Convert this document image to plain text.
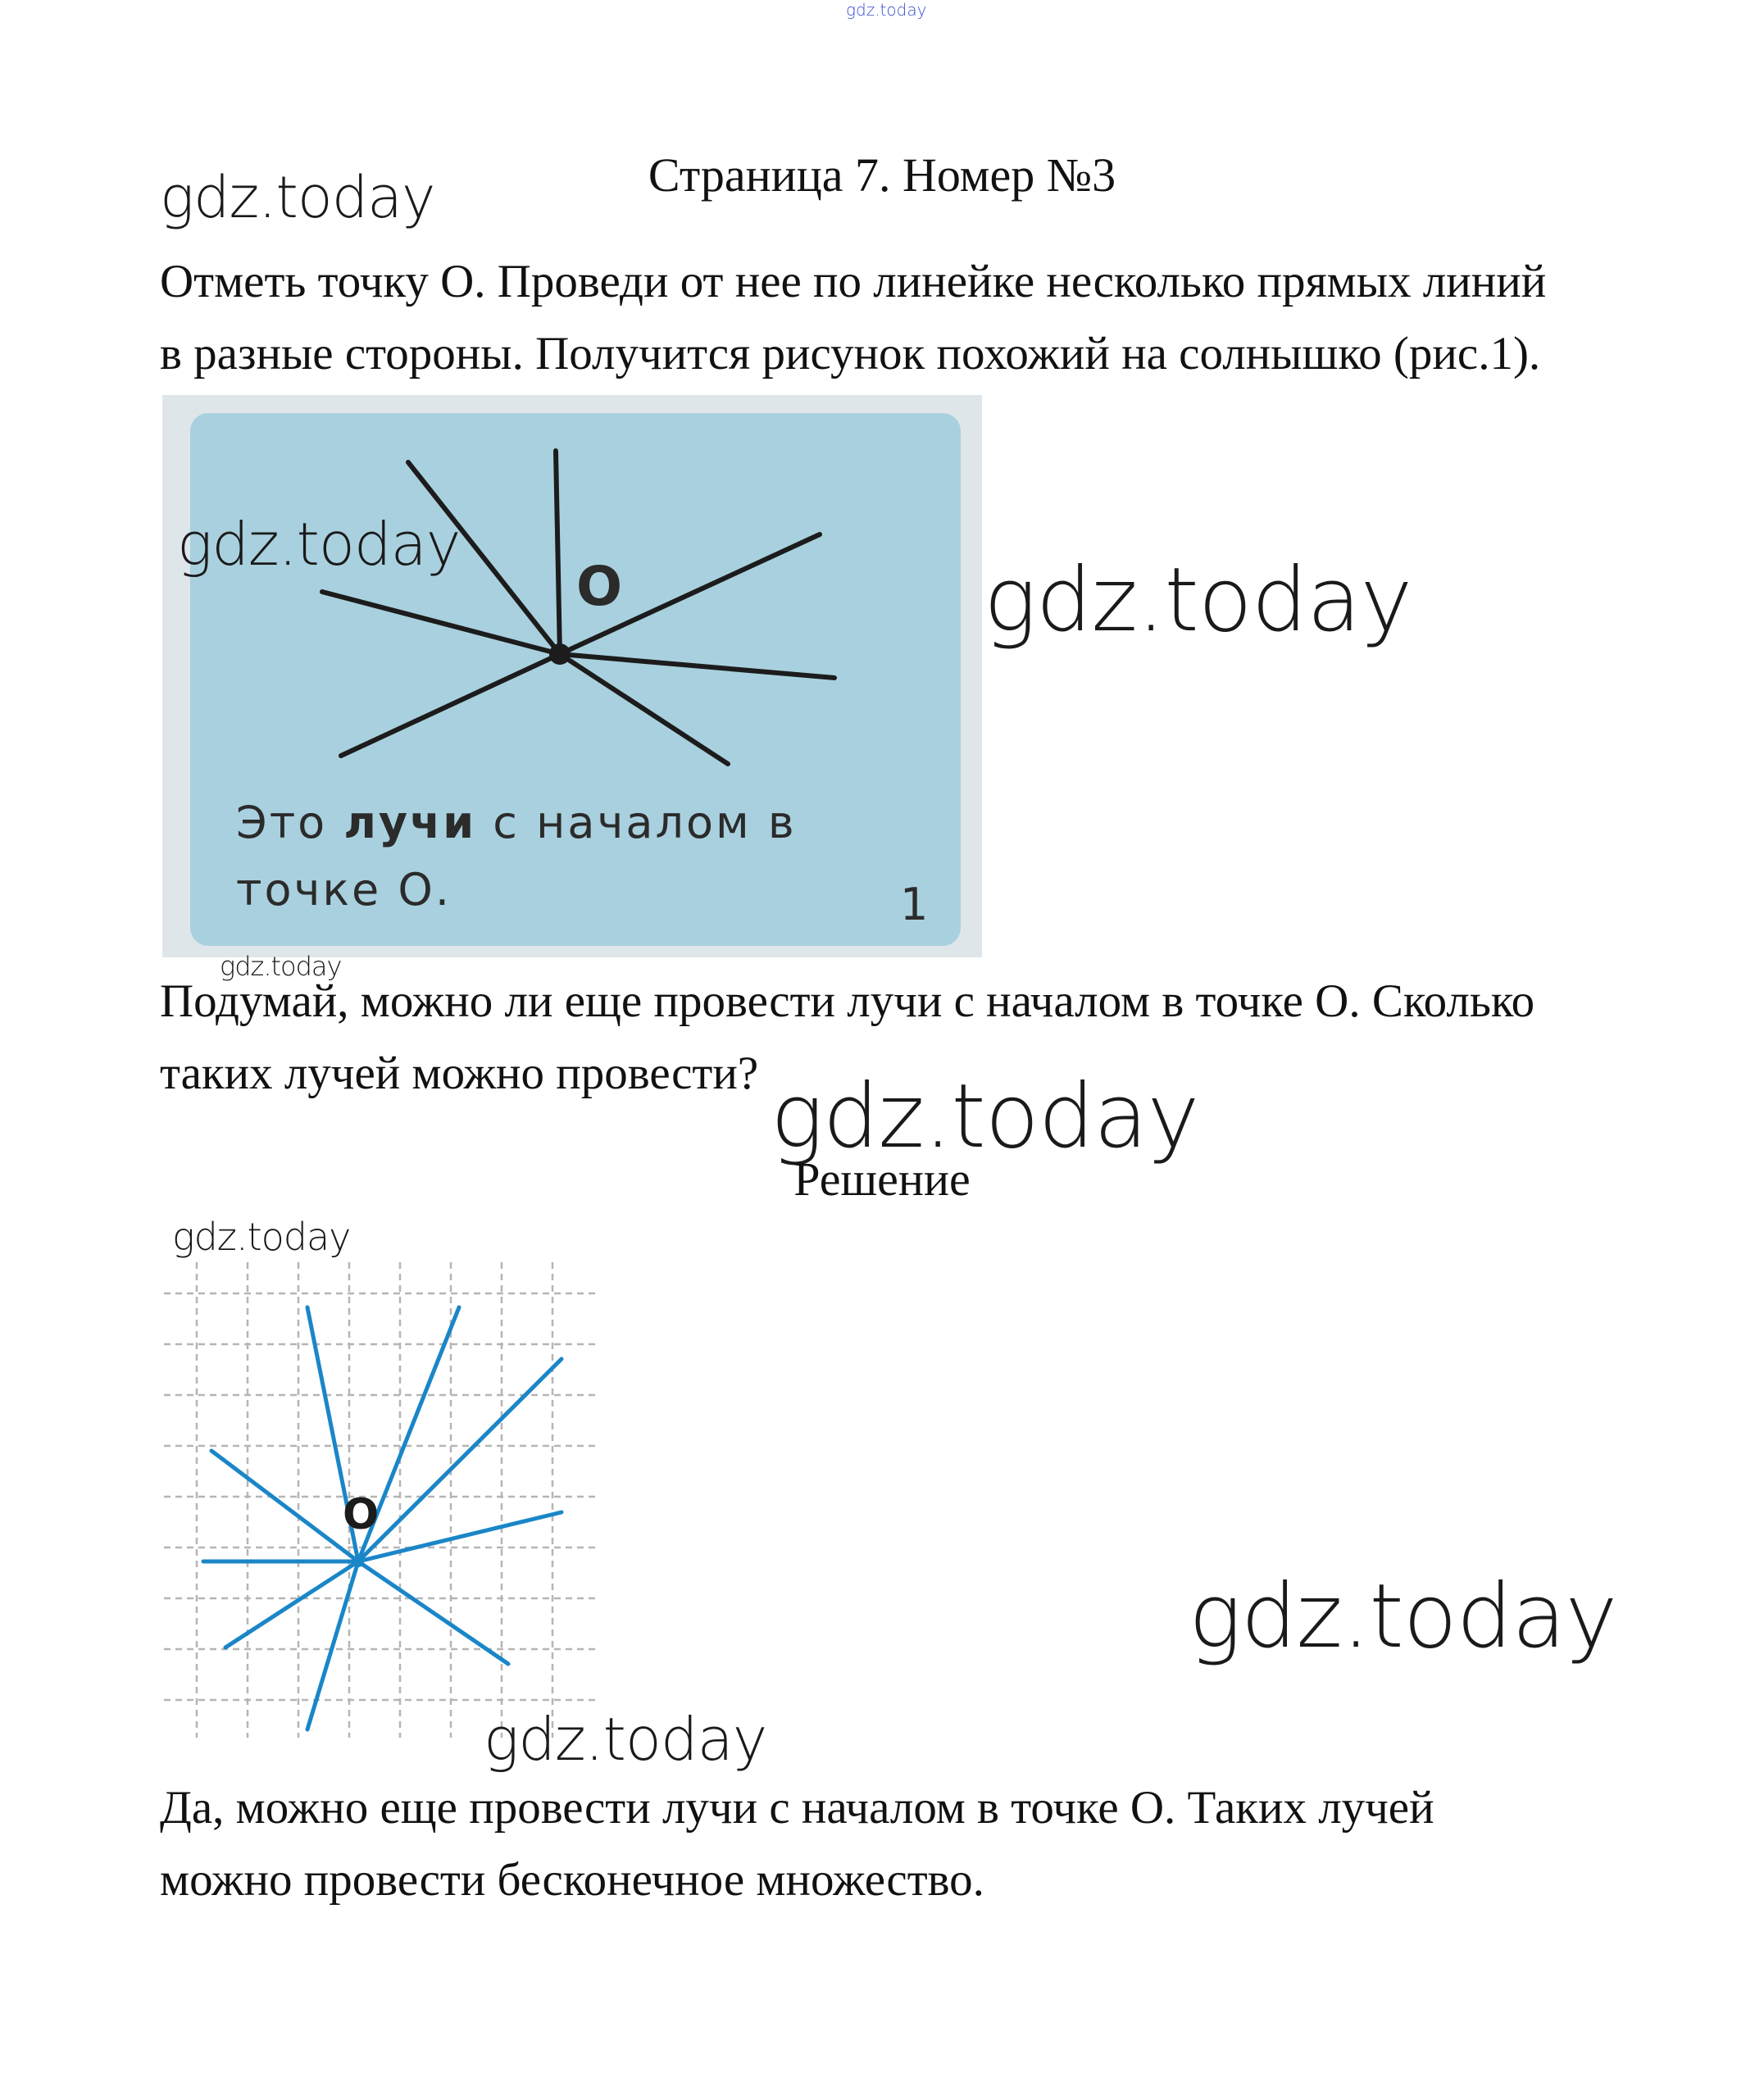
gdz.today
gdz.today	Страница 7. Номер №3
Отметь точку О. Проведи от нее по линейке несколько прямых линий
в разные стороны. Получится рисунок похожий на солнышко (рис.1).
О
Это лучи с началом в
точке О.	1
gdz.today
gdz.today
gdz.today
Подумай, можно ли еще провести лучи с началом в точке О. Сколько
таких лучей можно провести? gdz.today
Решение
gdz.today
О
gdz.today
gdz.today
Да, можно еще провести лучи с началом в точке О. Таких лучей
можно провести бесконечное множество.
